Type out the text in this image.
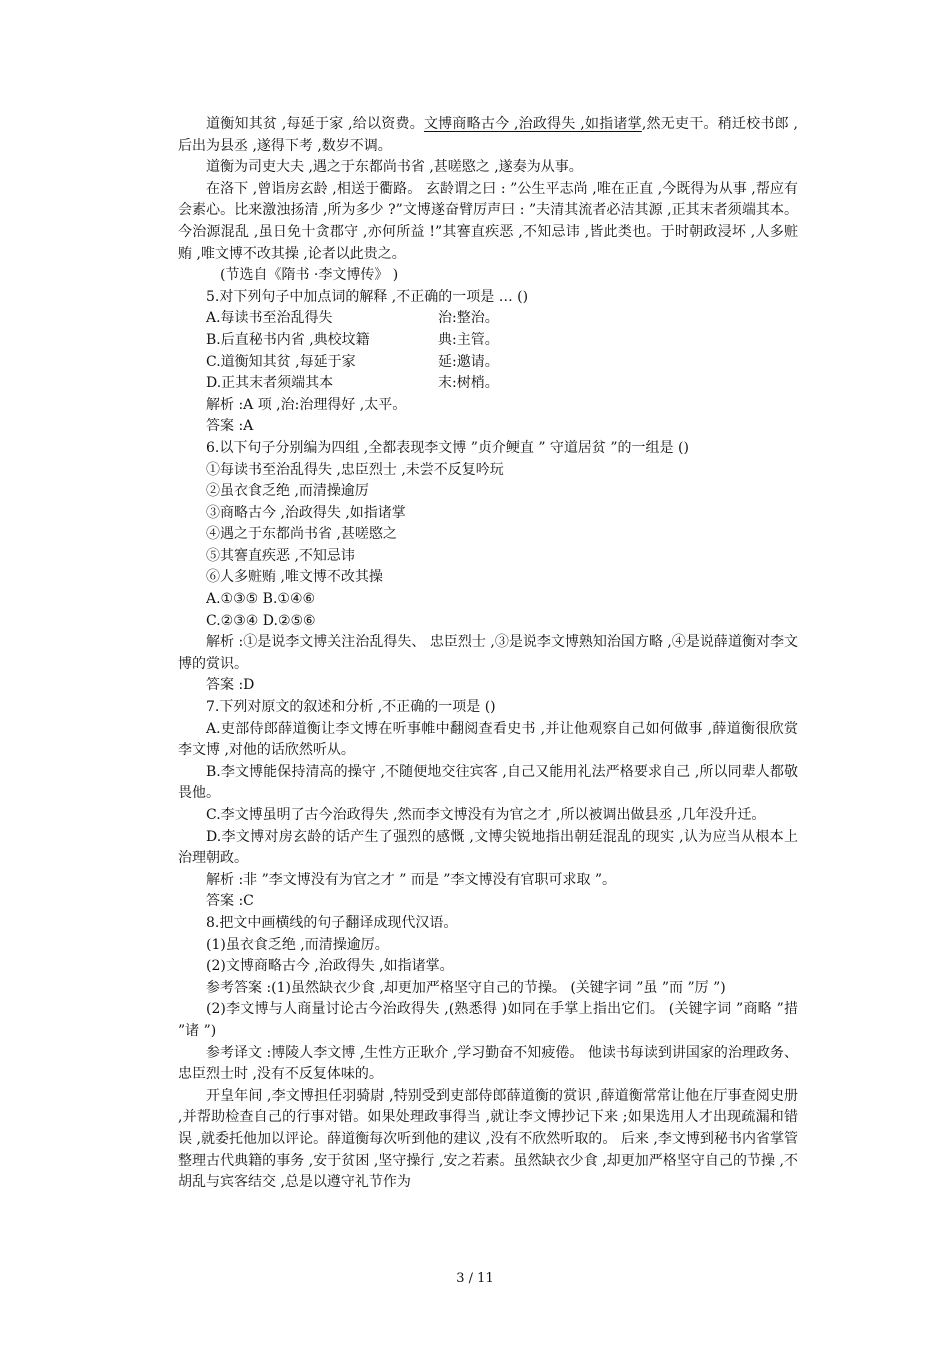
道衡知其贫 ,每延于家 ,给以资费。文博商略古今 ,治政得失 ,如指诸掌,然无吏干。稍迁校书郎 ,后出为县丞 ,遂得下考 ,数岁不调。

道衡为司吏大夫 ,遇之于东都尚书省 ,甚嗟愍之 ,遂奏为从事。

在洛下 ,曾诣房玄龄 ,相送于衢路。 玄龄谓之曰 : ”公生平志尚 ,唯在正直 ,今既得为从事 ,帮应有会素心。比来激浊扬清 ,所为多少 ?”文博遂奋臂厉声曰 : ”夫清其流者必洁其源 ,正其末者须端其本。 今治源混乱 ,虽日免十贪郡守 ,亦何所益 !”其謇直疾恶 ,不知忌讳 ,皆此类也。于时朝政浸坏 ,人多赃贿 ,唯文博不改其操 ,论者以此贵之。

(节选自《隋书 ·李文博传》 )

5.对下列句子中加点词的解释 ,不正确的一项是 … ()

A.每读书至治乱得失	治:整治。
B.后直秘书内省 ,典校坟籍	典:主管。
C.道衡知其贫 ,每延于家	延:邀请。
D.正其末者须端其本	末:树梢。

解析 :A 项 ,治:治理得好 ,太平。

答案 :A

6.以下句子分别编为四组 ,全都表现李文博 ”贞介鲠直 ” 守道居贫 ”的一组是 ()

①每读书至治乱得失 ,忠臣烈士 ,未尝不反复吟玩

②虽衣食乏绝 ,而清操逾厉

③商略古今 ,治政得失 ,如指诸掌

④遇之于东都尚书省 ,甚嗟愍之

⑤其謇直疾恶 ,不知忌讳

⑥人多赃贿 ,唯文博不改其操

A.①③⑤ B.①④⑥

C.②③④ D.②⑤⑥

解析 :①是说李文博关注治乱得失、 忠臣烈士 ,③是说李文博熟知治国方略 ,④是说薛道衡对李文博的赏识。

答案 :D

7.下列对原文的叙述和分析 ,不正确的一项是 ()

A.吏部侍郎薛道衡让李文博在听事帷中翻阅查看史书 ,并让他观察自己如何做事 ,薛道衡很欣赏李文博 ,对他的话欣然听从。

B.李文博能保持清高的操守 ,不随便地交往宾客 ,自己又能用礼法严格要求自己 ,所以同辈人都敬畏他。

C.李文博虽明了古今治政得失 ,然而李文博没有为官之才 ,所以被调出做县丞 ,几年没升迁。

D.李文博对房玄龄的话产生了强烈的感慨 ,文博尖锐地指出朝廷混乱的现实 ,认为应当从根本上治理朝政。

解析 :非 ”李文博没有为官之才 ” 而是 ”李文博没有官职可求取 ”。

答案 :C

8.把文中画横线的句子翻译成现代汉语。

(1)虽衣食乏绝 ,而清操逾厉。

(2)文博商略古今 ,治政得失 ,如指诸掌。

参考答案 :(1)虽然缺衣少食 ,却更加严格坚守自己的节操。 (关键字词 ”虽 ”而 ”厉 ”)

(2)李文博与人商量讨论古今治政得失 ,(熟悉得 )如同在手掌上指出它们。 (关键字词 ”商略 ”措 ”诸 ”)

参考译文 :博陵人李文博 ,生性方正耿介 ,学习勤奋不知疲倦。 他读书每读到讲国家的治理政务、忠臣烈士时 ,没有不反复体味的。

开皇年间 ,李文博担任羽骑尉 ,特别受到吏部侍郎薛道衡的赏识 ,薛道衡常常让他在厅事查阅史册 ,并帮助检查自己的行事对错。如果处理政事得当 ,就让李文博抄记下来 ;如果选用人才出现疏漏和错误 ,就委托他加以评论。薛道衡每次听到他的建议 ,没有不欣然听取的。 后来 ,李文博到秘书内省掌管整理古代典籍的事务 ,安于贫困 ,坚守操行 ,安之若素。虽然缺衣少食 ,却更加严格坚守自己的节操 ,不胡乱与宾客结交 ,总是以遵守礼节作为

3 / 11
